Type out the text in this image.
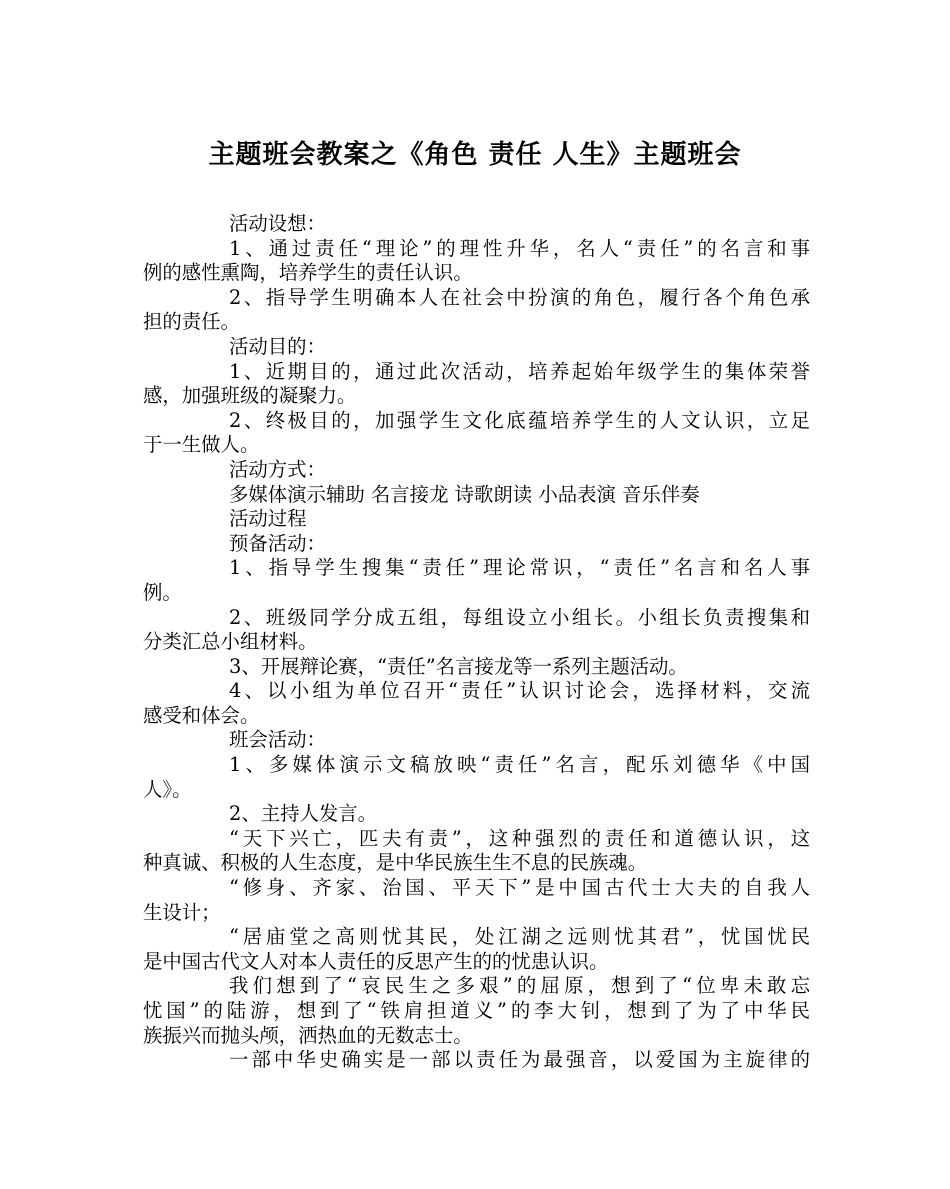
主题班会教案之《角色 责任 人生》主题班会
活动设想：
1、通过责任“理论”的理性升华，名人“责任”的名言和事
例的感性熏陶，培养学生的责任认识。
2、指导学生明确本人在社会中扮演的角色，履行各个角色承
担的责任。
活动目的：
1、近期目的，通过此次活动，培养起始年级学生的集体荣誉
感，加强班级的凝聚力。
2、终极目的，加强学生文化底蕴培养学生的人文认识，立足
于一生做人。
活动方式：
多媒体演示辅助 名言接龙 诗歌朗读 小品表演 音乐伴奏
活动过程
预备活动：
1、指导学生搜集“责任”理论常识，“责任”名言和名人事
例。
2、班级同学分成五组，每组设立小组长。小组长负责搜集和
分类汇总小组材料。
3、开展辩论赛，“责任”名言接龙等一系列主题活动。
4、以小组为单位召开“责任”认识讨论会，选择材料，交流
感受和体会。
班会活动：
1、多媒体演示文稿放映“责任”名言，配乐刘德华《中国
人》。
2、主持人发言。
“天下兴亡，匹夫有责”，这种强烈的责任和道德认识，这
种真诚、积极的人生态度，是中华民族生生不息的民族魂。
“修身、齐家、治国、平天下”是中国古代士大夫的自我人
生设计；
“居庙堂之高则忧其民，处江湖之远则忧其君”，忧国忧民
是中国古代文人对本人责任的反思产生的的忧患认识。
我们想到了“哀民生之多艰”的屈原，想到了“位卑未敢忘
忧国”的陆游，想到了“铁肩担道义”的李大钊，想到了为了中华民
族振兴而抛头颅，洒热血的无数志士。
一部中华史确实是一部以责任为最强音，以爱国为主旋律的
